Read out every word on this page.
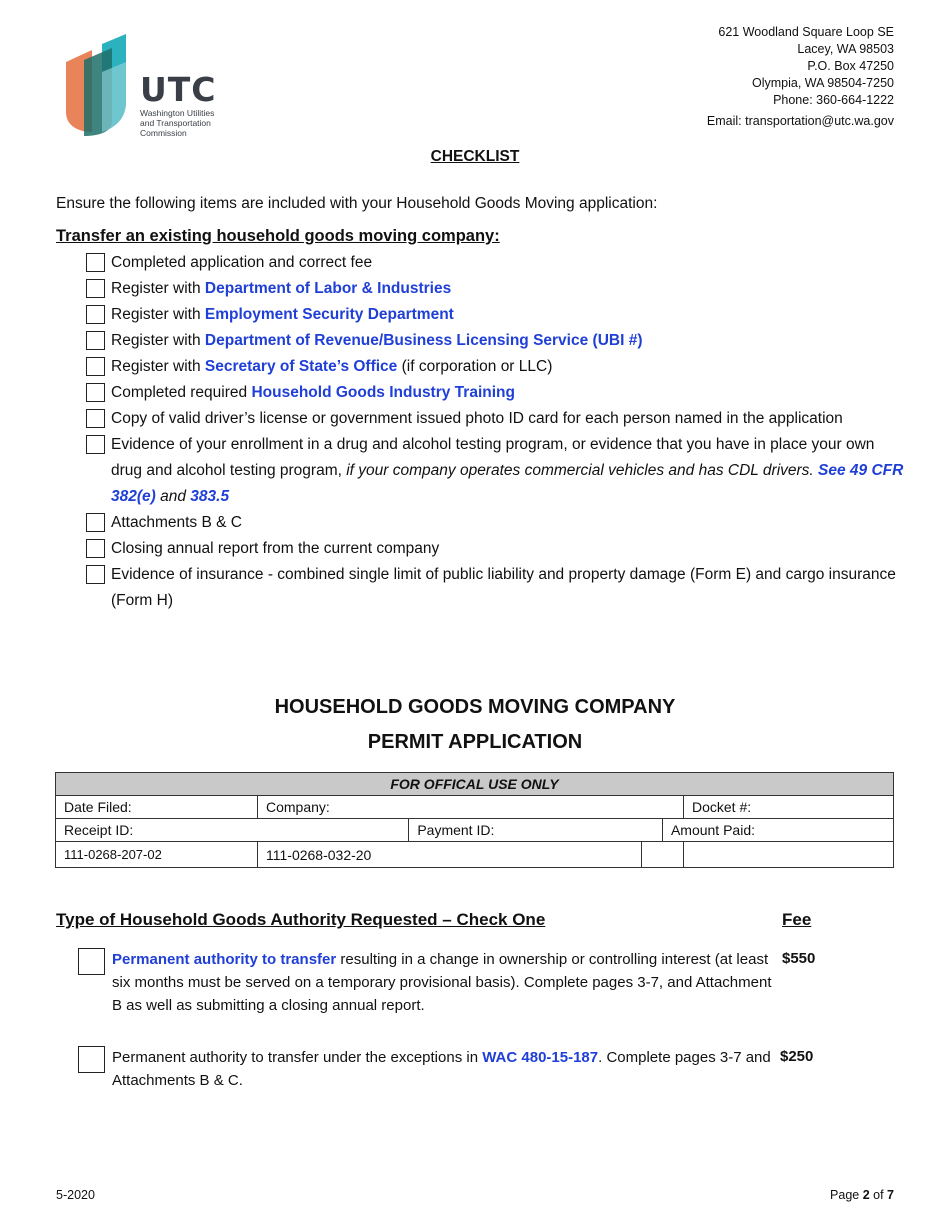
UTC
Washington Utilities
and Transportation
Commission
621 Woodland Square Loop SE
Lacey, WA 98503
P.O. Box 47250
Olympia, WA 98504-7250
Phone: 360-664-1222
Email: transportation@utc.wa.gov
CHECKLIST
Ensure the following items are included with your Household Goods Moving application:
Transfer an existing household goods moving company:
Completed application and correct fee
Register with Department of Labor & Industries
Register with Employment Security Department
Register with Department of Revenue/Business Licensing Service (UBI #)
Register with Secretary of State’s Office (if corporation or LLC)
Completed required Household Goods Industry Training
Copy of valid driver’s license or government issued photo ID card for each person named in the application
Evidence of your enrollment in a drug and alcohol testing program, or evidence that you have in place your own drug and alcohol testing program, if your company operates commercial vehicles and has CDL drivers. See 49 CFR 382(e) and 383.5
Attachments B & C
Closing annual report from the current company
Evidence of insurance - combined single limit of public liability and property damage (Form E) and cargo insurance (Form H)
HOUSEHOLD GOODS MOVING COMPANY
PERMIT APPLICATION
FOR OFFICAL USE ONLY					
Date Filed:	Company:				Docket #:
Receipt ID:		Payment ID:		Amount Paid:	
111-0268-207-02	111-0268-032-20				
Type of Household Goods Authority Requested – Check One	Fee
Permanent authority to transfer resulting in a change in ownership or controlling interest (at least six months must be served on a temporary provisional basis). Complete pages 3-7, and Attachment B as well as submitting a closing annual report.
$550
Permanent authority to transfer under the exceptions in WAC 480-15-187. Complete pages 3-7 and Attachments B & C.
$250
5-2020	Page 2 of 7
